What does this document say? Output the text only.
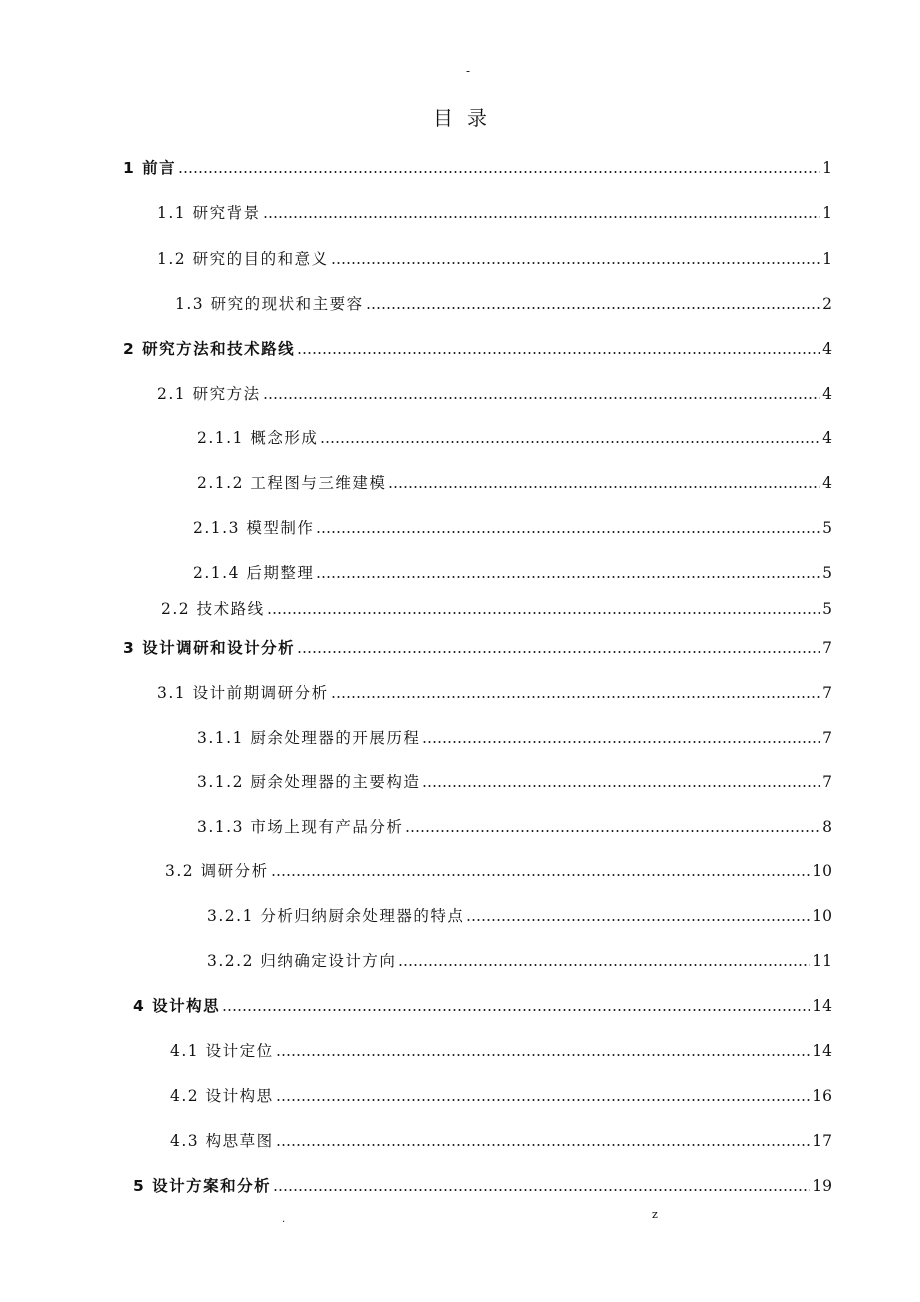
-
目录
1 前言	1
1.1 研究背景	1
1.2 研究的目的和意义	1
1.3 研究的现状和主要容	2
2 研究方法和技术路线	4
2.1 研究方法	4
2.1.1 概念形成	4
2.1.2 工程图与三维建模	4
2.1.3 模型制作	5
2.1.4 后期整理	5
2.2 技术路线	5
3 设计调研和设计分析	7
3.1 设计前期调研分析	7
3.1.1 厨余处理器的开展历程	7
3.1.2 厨余处理器的主要构造	7
3.1.3 市场上现有产品分析	8
3.2 调研分析	10
3.2.1 分析归纳厨余处理器的特点	10
3.2.2 归纳确定设计方向	11
4 设计构思	14
4.1 设计定位	14
4.2 设计构思	16
4.3 构思草图	17
5 设计方案和分析	19
.	z
